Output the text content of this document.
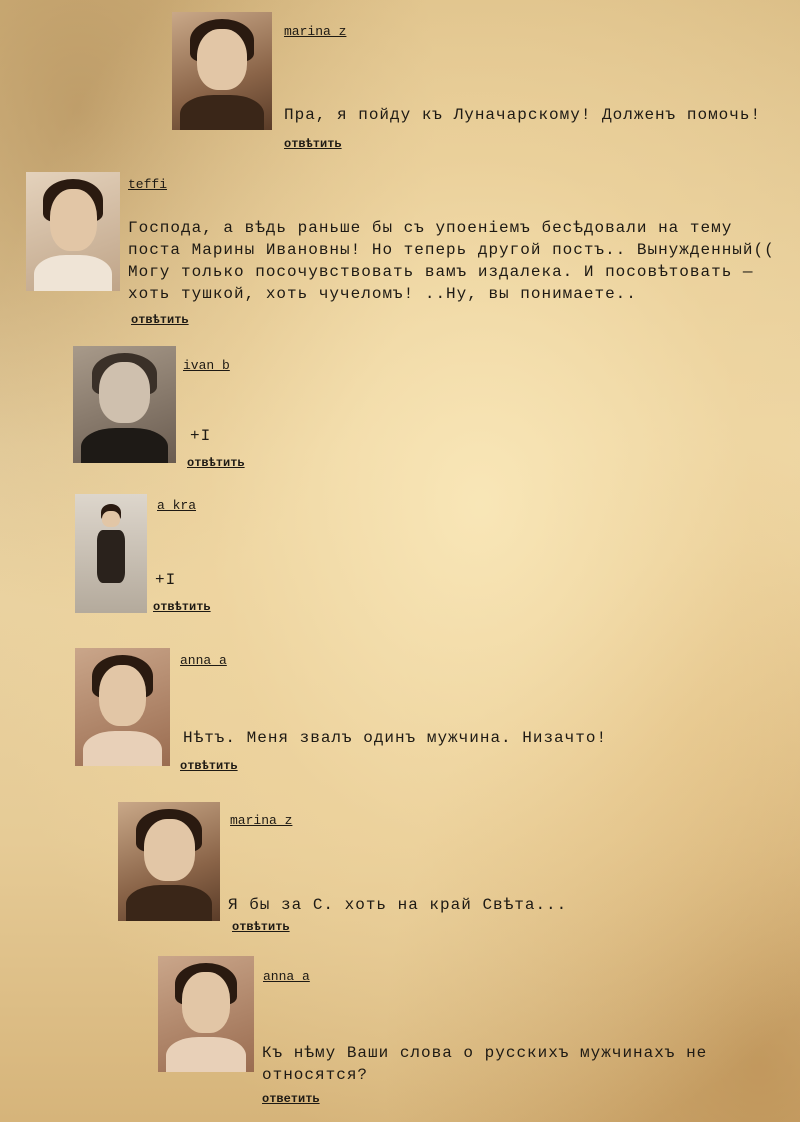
marina_z
Пра, я пойду къ Луначарскому! Долженъ помочь!
отвѣтить
teffi
Господа, а вѣдь раньше бы съ упоенiемъ бесѣдовали на тему поста Марины Ивановны! Но теперь другой постъ.. Вынужденный(( Могу только посочувствовать вамъ издалека. И посовѣтовать — хоть тушкой, хоть чучеломъ! ..Ну, вы понимаете..
отвѣтить
ivan_b
+I
отвѣтить
a_kra
+I
отвѣтить
anna_a
Нѣтъ. Меня звалъ одинъ мужчина. Низачто!
отвѣтить
marina_z
Я бы за С. хоть на край Свѣта...
отвѣтить
anna_a
Къ нѣму Ваши слова о русскихъ мужчинахъ не относятся?
ответить
